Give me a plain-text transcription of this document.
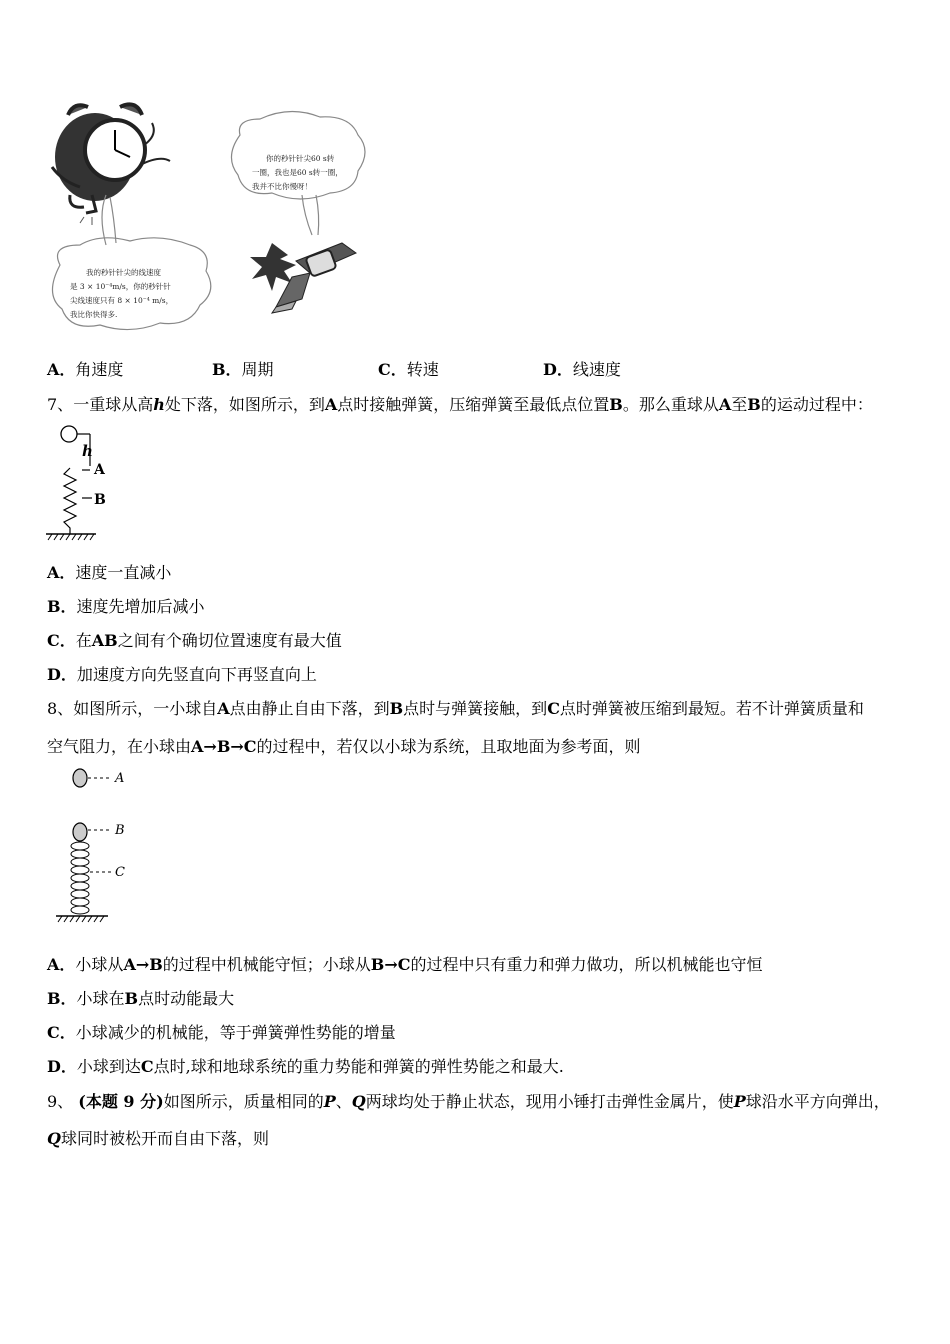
我的秒针针尖的线速度
是 3 × 10⁻⁴m/s，你的秒针针
尖线速度只有 8 × 10⁻⁴ m/s，
我比你快得多.
你的秒针针尖60 s转
一圈，我也是60 s转一圈，
我并不比你慢呀！
A．角速度	B．周期	C．转速	D．线速度
7、一重球从高h处下落，如图所示，到A点时接触弹簧，压缩弹簧至最低点位置B。那么重球从A至B的运动过程中：
h
A
B
A．速度一直减小
B．速度先增加后减小
C．在AB之间有个确切位置速度有最大值
D．加速度方向先竖直向下再竖直向上
8、如图所示，一小球自A点由静止自由下落，到B点时与弹簧接触，到C点时弹簧被压缩到最短。若不计弹簧质量和
空气阻力，在小球由A→B→C的过程中，若仅以小球为系统，且取地面为参考面，则
A
B
C
A．小球从A→B的过程中机械能守恒；小球从B→C的过程中只有重力和弹力做功，所以机械能也守恒
B．小球在B点时动能最大
C．小球减少的机械能，等于弹簧弹性势能的增量
D．小球到达C点时,球和地球系统的重力势能和弹簧的弹性势能之和最大.
9、 (本题 9 分)如图所示，质量相同的P、Q两球均处于静止状态，现用小锤打击弹性金属片，使P球沿水平方向弹出，
Q球同时被松开而自由下落，则
